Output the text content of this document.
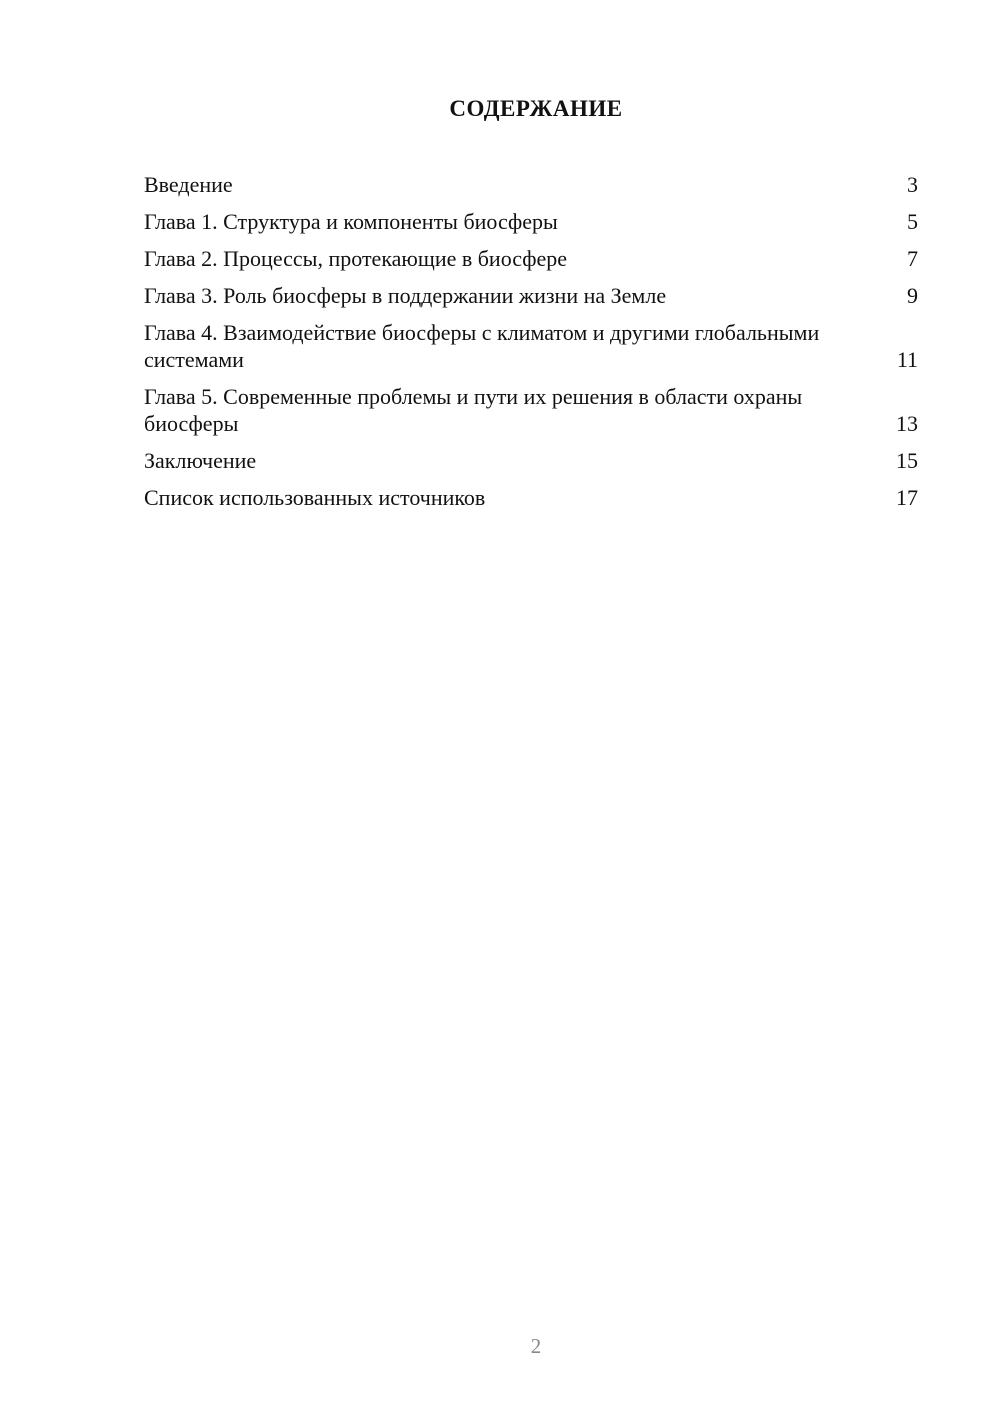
СОДЕРЖАНИЕ
Введение	3
Глава 1. Структура и компоненты биосферы	5
Глава 2. Процессы, протекающие в биосфере	7
Глава 3. Роль биосферы в поддержании жизни на Земле	9
Глава 4. Взаимодействие биосферы с климатом и другими глобальными системами	11
Глава 5. Современные проблемы и пути их решения в области охраны биосферы	13
Заключение	15
Список использованных источников	17

2
